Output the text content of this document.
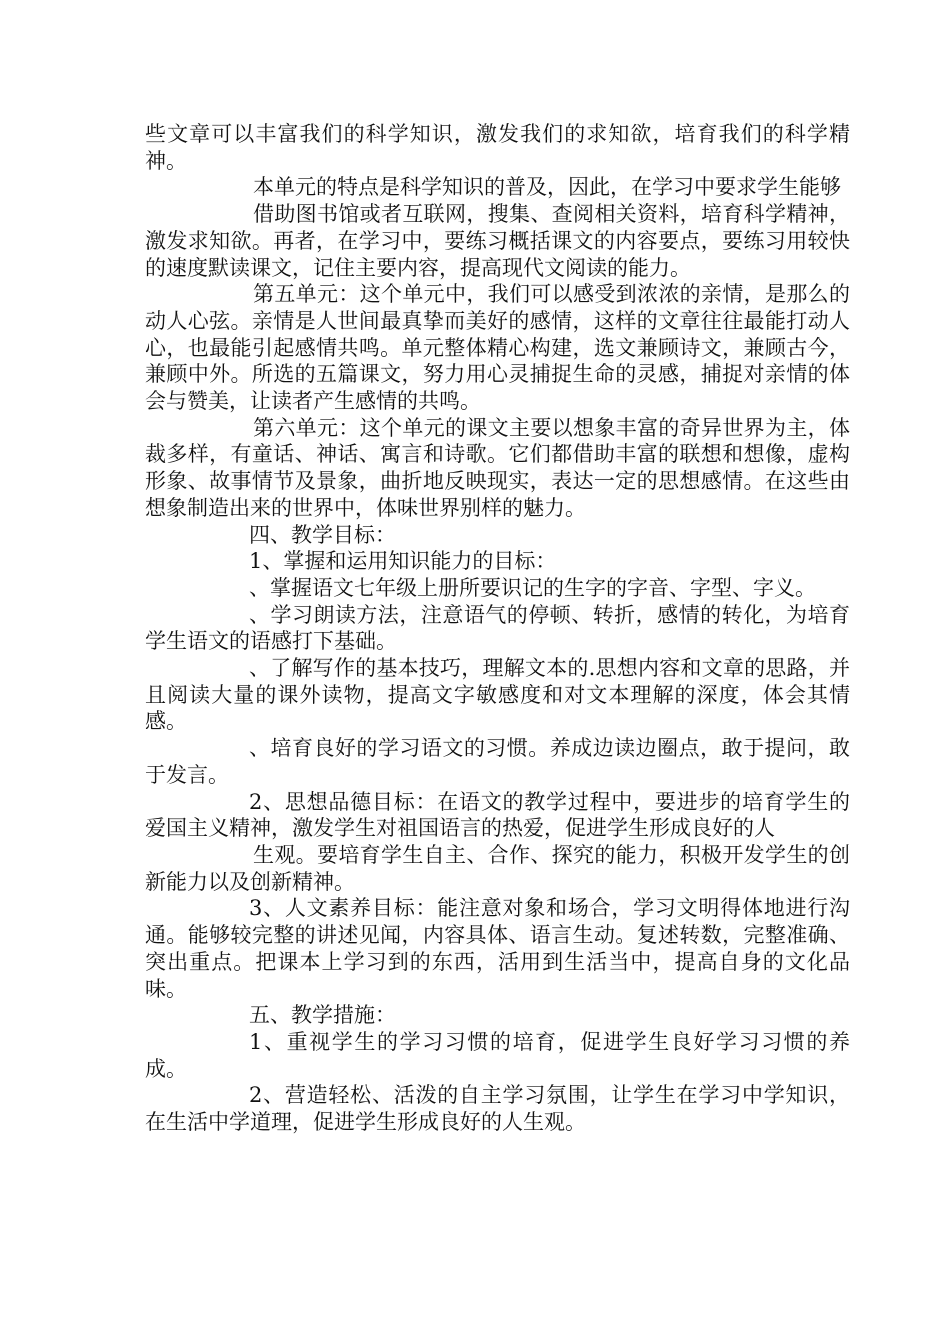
些文章可以丰富我们的科学知识，激发我们的求知欲，培育我们的科学精神。

本单元的特点是科学知识的普及，因此，在学习中要求学生能够

借助图书馆或者互联网，搜集、查阅相关资料，培育科学精神，激发求知欲。再者，在学习中，要练习概括课文的内容要点，要练习用较快的速度默读课文，记住主要内容，提高现代文阅读的能力。

第五单元：这个单元中，我们可以感受到浓浓的亲情，是那么的动人心弦。亲情是人世间最真挚而美好的感情，这样的文章往往最能打动人心，也最能引起感情共鸣。单元整体精心构建，选文兼顾诗文，兼顾古今，兼顾中外。所选的五篇课文，努力用心灵捕捉生命的灵感，捕捉对亲情的体会与赞美，让读者产生感情的共鸣。

第六单元：这个单元的课文主要以想象丰富的奇异世界为主，体裁多样，有童话、神话、寓言和诗歌。它们都借助丰富的联想和想像，虚构形象、故事情节及景象，曲折地反映现实，表达一定的思想感情。在这些由想象制造出来的世界中，体味世界别样的魅力。

四、教学目标：

1、掌握和运用知识能力的目标：

、掌握语文七年级上册所要识记的生字的字音、字型、字义。

、学习朗读方法，注意语气的停顿、转折，感情的转化，为培育学生语文的语感打下基础。

、了解写作的基本技巧，理解文本的.思想内容和文章的思路，并且阅读大量的课外读物，提高文字敏感度和对文本理解的深度，体会其情感。

、培育良好的学习语文的习惯。养成边读边圈点，敢于提问，敢于发言。

2、思想品德目标：在语文的教学过程中，要进步的培育学生的爱国主义精神，激发学生对祖国语言的热爱，促进学生形成良好的人

生观。要培育学生自主、合作、探究的能力，积极开发学生的创新能力以及创新精神。

3、人文素养目标：能注意对象和场合，学习文明得体地进行沟通。能够较完整的讲述见闻，内容具体、语言生动。复述转数，完整准确、突出重点。把课本上学习到的东西，活用到生活当中，提高自身的文化品味。

五、教学措施：

1、重视学生的学习习惯的培育，促进学生良好学习习惯的养成。

2、营造轻松、活泼的自主学习氛围，让学生在学习中学知识，在生活中学道理，促进学生形成良好的人生观。
